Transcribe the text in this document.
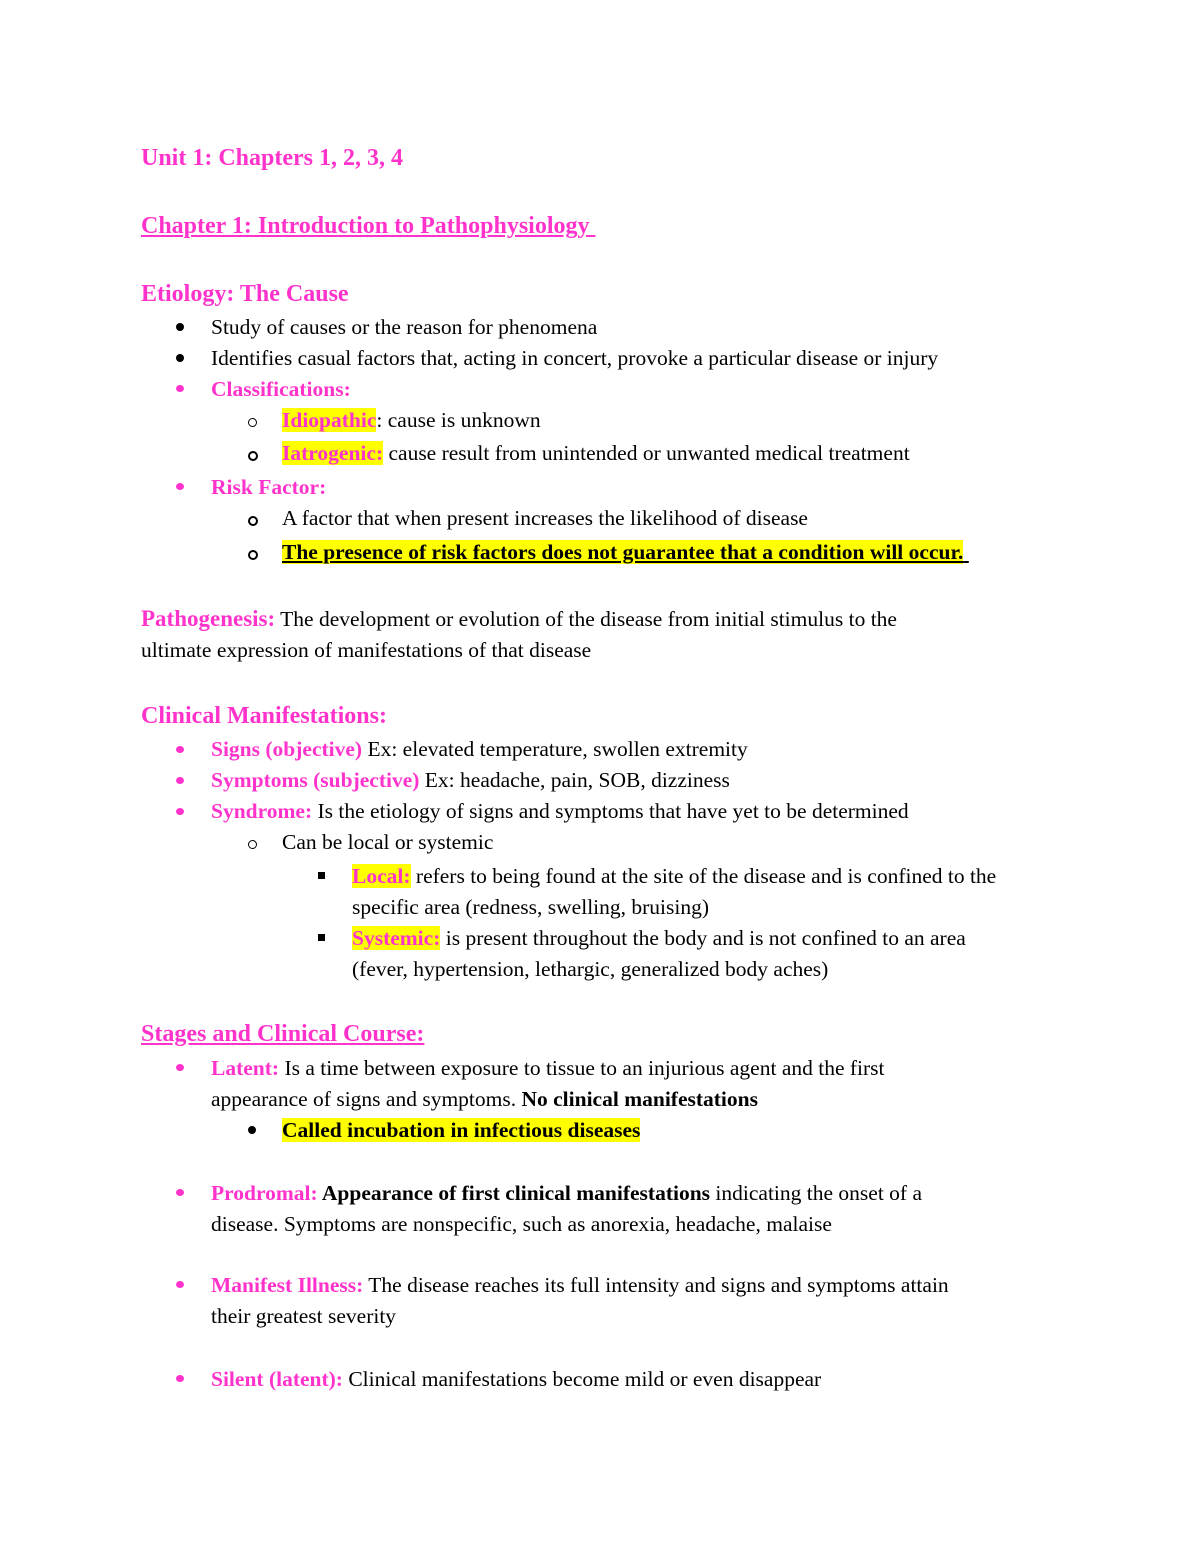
Unit 1: Chapters 1, 2, 3, 4
Chapter 1: Introduction to Pathophysiology
Etiology: The Cause
Study of causes or the reason for phenomena
Identifies casual factors that, acting in concert, provoke a particular disease or injury
Classifications:
Idiopathic: cause is unknown
Iatrogenic: cause result from unintended or unwanted medical treatment
Risk Factor:
A factor that when present increases the likelihood of disease
The presence of risk factors does not guarantee that a condition will occur.
Pathogenesis: The development or evolution of the disease from initial stimulus to the
ultimate expression of manifestations of that disease
Clinical Manifestations:
Signs (objective) Ex: elevated temperature, swollen extremity
Symptoms (subjective) Ex: headache, pain, SOB, dizziness
Syndrome: Is the etiology of signs and symptoms that have yet to be determined
Can be local or systemic
Local: refers to being found at the site of the disease and is confined to the
specific area (redness, swelling, bruising)
Systemic: is present throughout the body and is not confined to an area
(fever, hypertension, lethargic, generalized body aches)
Stages and Clinical Course:
Latent: Is a time between exposure to tissue to an injurious agent and the first
appearance of signs and symptoms. No clinical manifestations
Called incubation in infectious diseases
Prodromal: Appearance of first clinical manifestations indicating the onset of a
disease. Symptoms are nonspecific, such as anorexia, headache, malaise
Manifest Illness: The disease reaches its full intensity and signs and symptoms attain
their greatest severity
Silent (latent): Clinical manifestations become mild or even disappear
